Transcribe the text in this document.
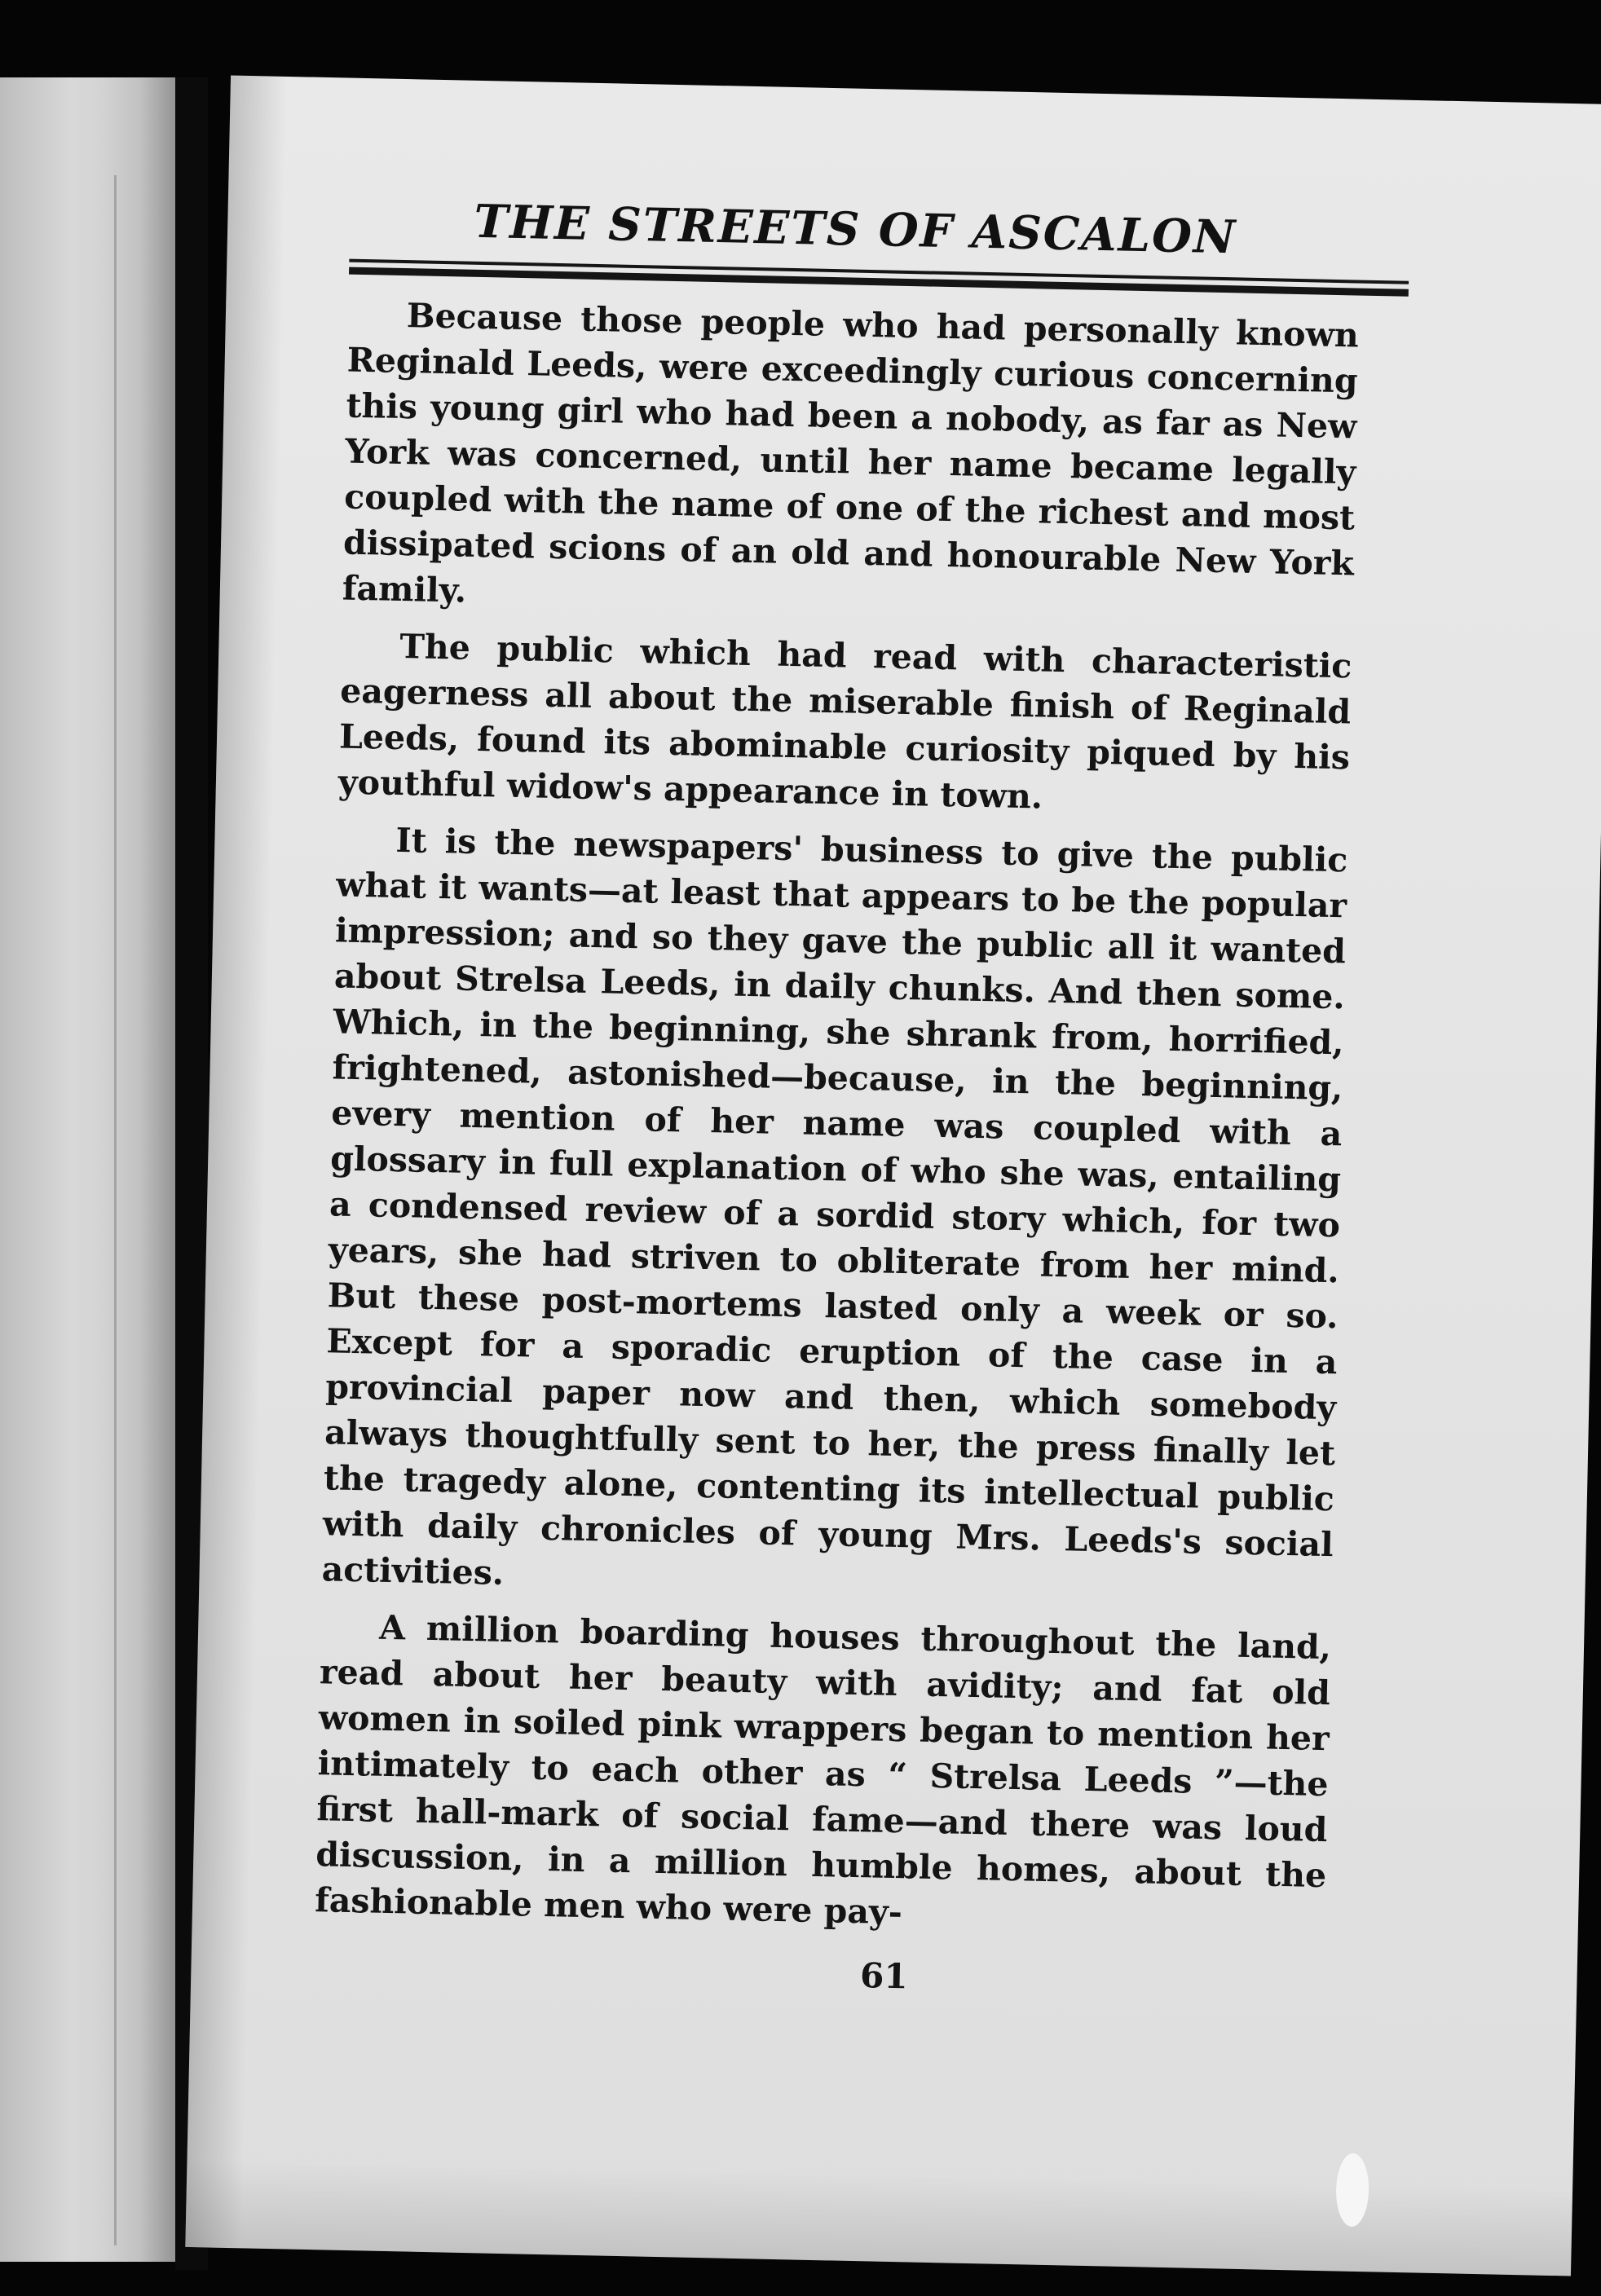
THE STREETS OF ASCALON

Because those people who had personally known Reginald Leeds, were exceedingly curious concerning this young girl who had been a nobody, as far as New York was concerned, until her name became legally coupled with the name of one of the richest and most dissipated scions of an old and honourable New York family.

The public which had read with characteristic eagerness all about the miserable finish of Reginald Leeds, found its abominable curiosity piqued by his youthful widow's appearance in town.

It is the newspapers' business to give the public what it wants—at least that appears to be the popular impression; and so they gave the public all it wanted about Strelsa Leeds, in daily chunks. And then some. Which, in the beginning, she shrank from, horrified, frightened, astonished—because, in the beginning, every mention of her name was coupled with a glossary in full explanation of who she was, entailing a condensed review of a sordid story which, for two years, she had striven to obliterate from her mind. But these post-mortems lasted only a week or so. Except for a sporadic eruption of the case in a provincial paper now and then, which somebody always thoughtfully sent to her, the press finally let the tragedy alone, contenting its intellectual public with daily chronicles of young Mrs. Leeds's social activities.

A million boarding houses throughout the land, read about her beauty with avidity; and fat old women in soiled pink wrappers began to mention her intimately to each other as “ Strelsa Leeds ”—the first hall-mark of social fame—and there was loud discussion, in a million humble homes, about the fashionable men who were pay-

61
